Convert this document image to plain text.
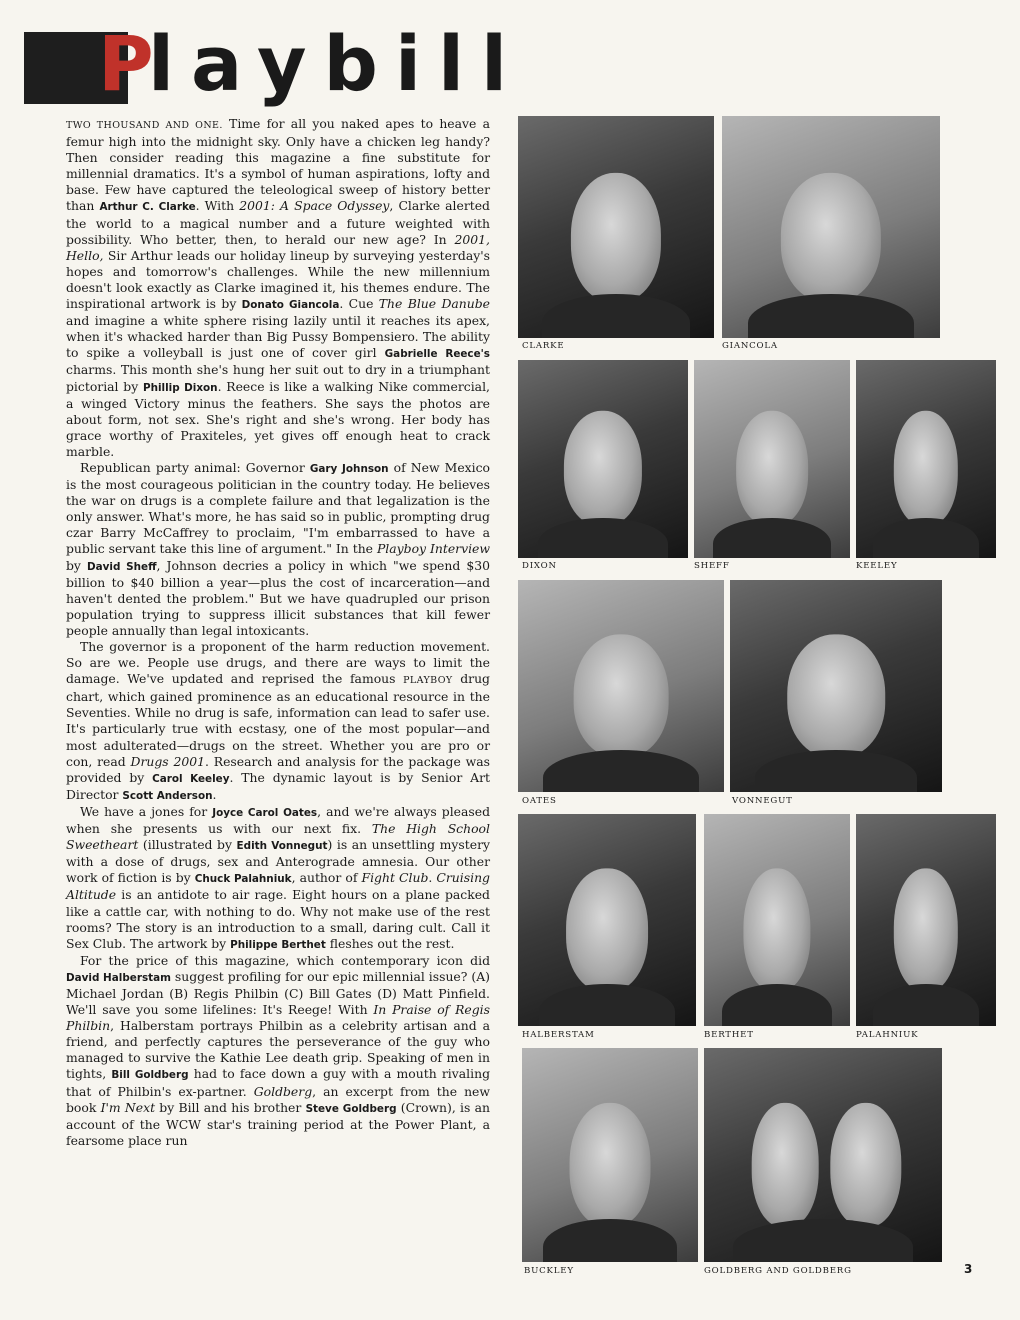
P
laybill

TWO THOUSAND AND ONE. Time for all you naked apes to heave a femur high into the midnight sky. Only have a chicken leg handy? Then consider reading this magazine a fine substitute for millennial dramatics. It's a symbol of human aspirations, lofty and base. Few have captured the teleological sweep of history better than Arthur C. Clarke. With 2001: A Space Odyssey, Clarke alerted the world to a magical number and a future weighted with possibility. Who better, then, to herald our new age? In 2001, Hello, Sir Arthur leads our holiday lineup by surveying yesterday's hopes and tomorrow's challenges. While the new millennium doesn't look exactly as Clarke imagined it, his themes endure. The inspirational artwork is by Donato Giancola. Cue The Blue Danube and imagine a white sphere rising lazily until it reaches its apex, when it's whacked harder than Big Pussy Bompensiero. The ability to spike a volleyball is just one of cover girl Gabrielle Reece's charms. This month she's hung her suit out to dry in a triumphant pictorial by Phillip Dixon. Reece is like a walking Nike commercial, a winged Victory minus the feathers. She says the photos are about form, not sex. She's right and she's wrong. Her body has grace worthy of Praxiteles, yet gives off enough heat to crack marble.

Republican party animal: Governor Gary Johnson of New Mexico is the most courageous politician in the country today. He believes the war on drugs is a complete failure and that legalization is the only answer. What's more, he has said so in public, prompting drug czar Barry McCaffrey to proclaim, "I'm embarrassed to have a public servant take this line of argument." In the Playboy Interview by David Sheff, Johnson decries a policy in which "we spend $30 billion to $40 billion a year—plus the cost of incarceration—and haven't dented the problem." But we have quadrupled our prison population trying to suppress illicit substances that kill fewer people annually than legal intoxicants.

The governor is a proponent of the harm reduction movement. So are we. People use drugs, and there are ways to limit the damage. We've updated and reprised the famous PLAYBOY drug chart, which gained prominence as an educational resource in the Seventies. While no drug is safe, information can lead to safer use. It's particularly true with ecstasy, one of the most popular—and most adulterated—drugs on the street. Whether you are pro or con, read Drugs 2001. Research and analysis for the package was provided by Carol Keeley. The dynamic layout is by Senior Art Director Scott Anderson.

We have a jones for Joyce Carol Oates, and we're always pleased when she presents us with our next fix. The High School Sweetheart (illustrated by Edith Vonnegut) is an unsettling mystery with a dose of drugs, sex and Anterograde amnesia. Our other work of fiction is by Chuck Palahniuk, author of Fight Club. Cruising Altitude is an antidote to air rage. Eight hours on a plane packed like a cattle car, with nothing to do. Why not make use of the rest rooms? The story is an introduction to a small, daring cult. Call it Sex Club. The artwork by Philippe Berthet fleshes out the rest.

For the price of this magazine, which contemporary icon did David Halberstam suggest profiling for our epic millennial issue? (A) Michael Jordan (B) Regis Philbin (C) Bill Gates (D) Matt Pinfield. We'll save you some lifelines: It's Reege! With In Praise of Regis Philbin, Halberstam portrays Philbin as a celebrity artisan and a friend, and perfectly captures the perseverance of the guy who managed to survive the Kathie Lee death grip. Speaking of men in tights, Bill Goldberg had to face down a guy with a mouth rivaling that of Philbin's ex-partner. Goldberg, an excerpt from the new book I'm Next by Bill and his brother Steve Goldberg (Crown), is an account of the WCW star's training period at the Power Plant, a fearsome place run

CLARKE	GIANCOLA
DIXON	SHEFF	KEELEY
OATES	VONNEGUT
HALBERSTAM	BERTHET	PALAHNIUK
BUCKLEY	GOLDBERG AND GOLDBERG	3
